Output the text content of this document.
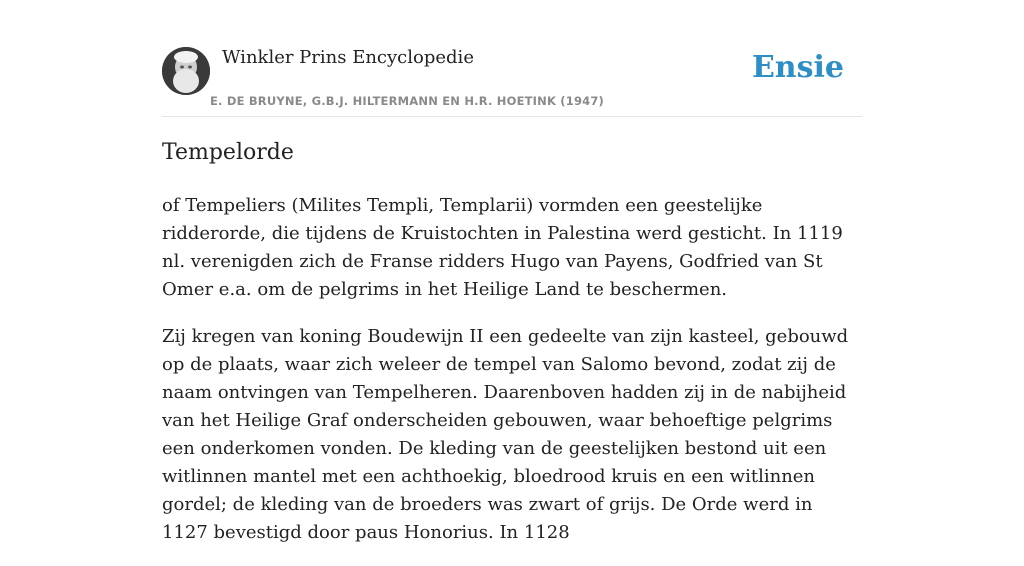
Winkler Prins Encyclopedie
E. DE BRUYNE, G.B.J. HILTERMANN EN H.R. HOETINK (1947)
Ensie
Tempelorde

of Tempeliers (Milites Templi, Templarii) vormden een geestelijke ridderorde, die tijdens de Kruistochten in Palestina werd gesticht. In 1119 nl. verenigden zich de Franse ridders Hugo van Payens, Godfried van St Omer e.a. om de pelgrims in het Heilige Land te beschermen.

Zij kregen van koning Boudewijn II een gedeelte van zijn kasteel, gebouwd op de plaats, waar zich weleer de tempel van Salomo bevond, zodat zij de naam ontvingen van Tempelheren. Daarenboven hadden zij in de nabijheid van het Heilige Graf onderscheiden gebouwen, waar behoeftige pelgrims een onderkomen vonden. De kleding van de geestelijken bestond uit een witlinnen mantel met een achthoekig, bloedrood kruis en een witlinnen gordel; de kleding van de broeders was zwart of grijs. De Orde werd in 1127 bevestigd door paus Honorius. In 1128
